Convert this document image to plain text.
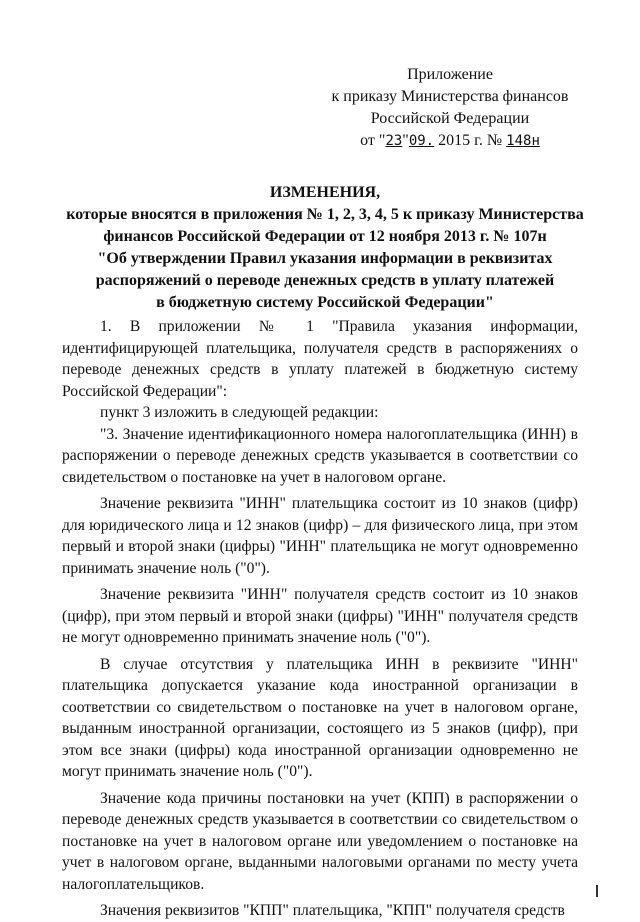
Приложение
к приказу Министерства финансов
Российской Федерации
от "23"09. 2015 г. № 148н
ИЗМЕНЕНИЯ,
которые вносятся в приложения № 1, 2, 3, 4, 5 к приказу Министерства
финансов Российской Федерации от 12 ноября 2013 г. № 107н
"Об утверждении Правил указания информации в реквизитах
распоряжений о переводе денежных средств в уплату платежей
в бюджетную систему Российской Федерации"

1. В приложении № 1 "Правила указания информации, идентифицирующей плательщика, получателя средств в распоряжениях о переводе денежных средств в уплату платежей в бюджетную систему Российской Федерации":

пункт 3 изложить в следующей редакции:

"3. Значение идентификационного номера налогоплательщика (ИНН) в распоряжении о переводе денежных средств указывается в соответствии со свидетельством о постановке на учет в налоговом органе.

Значение реквизита "ИНН" плательщика состоит из 10 знаков (цифр) для юридического лица и 12 знаков (цифр) – для физического лица, при этом первый и второй знаки (цифры) "ИНН" плательщика не могут одновременно принимать значение ноль ("0").

Значение реквизита "ИНН" получателя средств состоит из 10 знаков (цифр), при этом первый и второй знаки (цифры) "ИНН" получателя средств не могут одновременно принимать значение ноль ("0").

В случае отсутствия у плательщика ИНН в реквизите "ИНН" плательщика допускается указание кода иностранной организации в соответствии со свидетельством о постановке на учет в налоговом органе, выданным иностранной организации, состоящего из 5 знаков (цифр), при этом все знаки (цифры) кода иностранной организации одновременно не могут принимать значение ноль ("0").

Значение кода причины постановки на учет (КПП) в распоряжении о переводе денежных средств указывается в соответствии со свидетельством о постановке на учет в налоговом органе или уведомлением о постановке на учет в налоговом органе, выданными налоговыми органами по месту учета налогоплательщиков.

Значения реквизитов "КПП" плательщика, "КПП" получателя средств
